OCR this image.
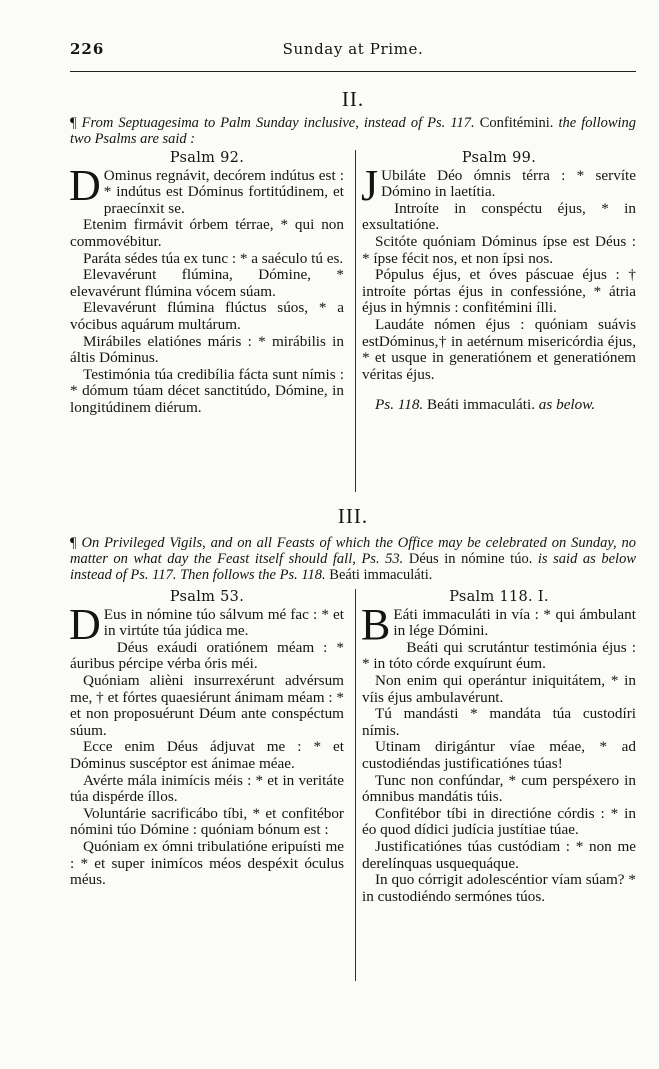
226	Sunday at Prime.

II.

¶ From Septuagesima to Palm Sunday inclusive, instead of Ps. 117. Confitémini. the following two Psalms are said :

Psalm 92.

D Ominus regnávit, decórem indútus est : * indútus est Dóminus fortitúdinem, et praecínxit se.

Etenim firmávit órbem térrae, * qui non commovébitur.

Paráta sédes túa ex tunc : * a saéculo tú es.

Elevavérunt flúmina, Dómine, * elevavérunt flúmina vócem súam.

Elevavérunt flúmina flúctus súos, * a vócibus aquárum multárum.

Mirábiles elatiónes máris : * mirábilis in áltis Dóminus.

Testimónia túa credibília fácta sunt nímis : * dómum túam décet sanctitúdo, Dómine, in longitúdinem diérum.

Psalm 99.

J Ubiláte Déo ómnis térra : * servíte Dómino in laetítia.

Introíte in conspéctu éjus, * in exsultatióne.

Scitóte quóniam Dóminus ípse est Déus : * ípse fécit nos, et non ípsi nos.

Pópulus éjus, et óves páscuae éjus : † introíte pórtas éjus in confessióne, * átria éjus in hýmnis : confitémini ílli.

Laudáte nómen éjus : quóniam suávis estDóminus,† in aetérnum misericórdia éjus, * et usque in generatiónem et generatiónem véritas éjus.

Ps. 118. Beáti immaculáti. as below.

III.

¶ On Privileged Vigils, and on all Feasts of which the Office may be celebrated on Sunday, no matter on what day the Feast itself should fall, Ps. 53. Déus in nómine túo. is said as below instead of Ps. 117. Then follows the Ps. 118. Beáti immaculáti.

Psalm 53.

D Eus in nómine túo sálvum mé fac : * et in virtúte túa júdica me.

Déus exáudi oratiónem méam : * áuribus pércipe vérba óris méi.

Quóniam alièni insurrexérunt advérsum me, † et fórtes quaesiérunt ánimam méam : * et non proposuérunt Déum ante conspéctum súum.

Ecce enim Déus ádjuvat me : * et Dóminus suscéptor est ánimae méae.

Avérte mála inimícis méis : * et in veritáte túa dispérde íllos.

Voluntárie sacrificábo tíbi, * et confitébor nómini túo Dómine : quóniam bónum est :

Quóniam ex ómni tribulatióne eripuísti me : * et super inimícos méos despéxit óculus méus.

Psalm 118. I.

B Eáti immaculáti in vía : * qui ámbulant in lége Dómini.

Beáti qui scrutántur testimónia éjus : * in tóto córde exquírunt éum.

Non enim qui operántur iniquitátem, * in víis éjus ambulavérunt.

Tú mandásti * mandáta túa custodíri nímis.

Utinam dirigántur víae méae, * ad custodiéndas justificatiónes túas!

Tunc non confúndar, * cum perspéxero in ómnibus mandátis túis.

Confitébor tíbi in directióne córdis : * in éo quod dídici judícia justítiae túae.

Justificatiónes túas custódiam : * non me derelínquas usquequáque.

In quo córrigit adolescéntior víam súam? * in custodiéndo sermónes túos.
